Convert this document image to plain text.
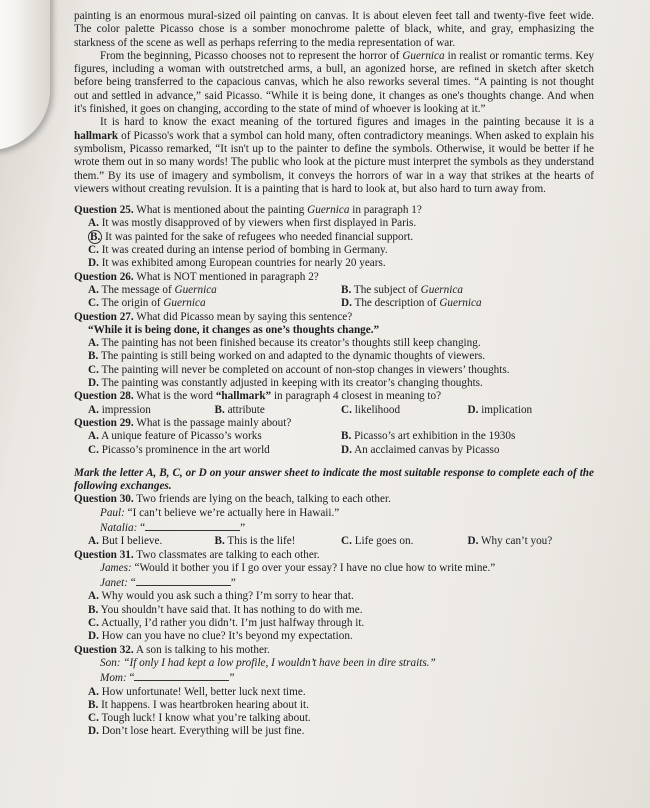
painting is an enormous mural-sized oil painting on canvas. It is about eleven feet tall and twenty-five feet wide. The color palette Picasso chose is a somber monochrome palette of black, white, and gray, emphasizing the starkness of the scene as well as perhaps referring to the media representation of war.

From the beginning, Picasso chooses not to represent the horror of Guernica in realist or romantic terms. Key figures, including a woman with outstretched arms, a bull, an agonized horse, are refined in sketch after sketch before being transferred to the capacious canvas, which he also reworks several times. “A painting is not thought out and settled in advance,” said Picasso. “While it is being done, it changes as one's thoughts change. And when it's finished, it goes on changing, according to the state of mind of whoever is looking at it.”

It is hard to know the exact meaning of the tortured figures and images in the painting because it is a hallmark of Picasso's work that a symbol can hold many, often contradictory meanings. When asked to explain his symbolism, Picasso remarked, “It isn't up to the painter to define the symbols. Otherwise, it would be better if he wrote them out in so many words! The public who look at the picture must interpret the symbols as they understand them.” By its use of imagery and symbolism, it conveys the horrors of war in a way that strikes at the hearts of viewers without creating revulsion. It is a painting that is hard to look at, but also hard to turn away from.

Question 25. What is mentioned about the painting Guernica in paragraph 1?

A. It was mostly disapproved of by viewers when first displayed in Paris.

B. It was painted for the sake of refugees who needed financial support.

C. It was created during an intense period of bombing in Germany.

D. It was exhibited among European countries for nearly 20 years.

Question 26. What is NOT mentioned in paragraph 2?

A. The message of Guernica	B. The subject of Guernica
C. The origin of Guernica	D. The description of Guernica

Question 27. What did Picasso mean by saying this sentence?

“While it is being done, it changes as one’s thoughts change.”

A. The painting has not been finished because its creator’s thoughts still keep changing.

B. The painting is still being worked on and adapted to the dynamic thoughts of viewers.

C. The painting will never be completed on account of non-stop changes in viewers’ thoughts.

D. The painting was constantly adjusted in keeping with its creator’s changing thoughts.

Question 28. What is the word “hallmark” in paragraph 4 closest in meaning to?

A. impression	B. attribute	C. likelihood	D. implication

Question 29. What is the passage mainly about?

A. A unique feature of Picasso’s works	B. Picasso’s art exhibition in the 1930s
C. Picasso’s prominence in the art world	D. An acclaimed canvas by Picasso

Mark the letter A, B, C, or D on your answer sheet to indicate the most suitable response to complete each of the following exchanges.

Question 30. Two friends are lying on the beach, talking to each other.

Paul: “I can’t believe we’re actually here in Hawaii.”

Natalia: “	”

A. But I believe.	B. This is the life!	C. Life goes on.	D. Why can’t you?

Question 31. Two classmates are talking to each other.

James: “Would it bother you if I go over your essay? I have no clue how to write mine.”

Janet: “	”

A. Why would you ask such a thing? I’m sorry to hear that.

B. You shouldn’t have said that. It has nothing to do with me.

C. Actually, I’d rather you didn’t. I’m just halfway through it.

D. How can you have no clue? It’s beyond my expectation.

Question 32. A son is talking to his mother.

Son: “If only I had kept a low profile, I wouldn’t have been in dire straits.”

Mom: “	”

A. How unfortunate! Well, better luck next time.

B. It happens. I was heartbroken hearing about it.

C. Tough luck! I know what you’re talking about.

D. Don’t lose heart. Everything will be just fine.
